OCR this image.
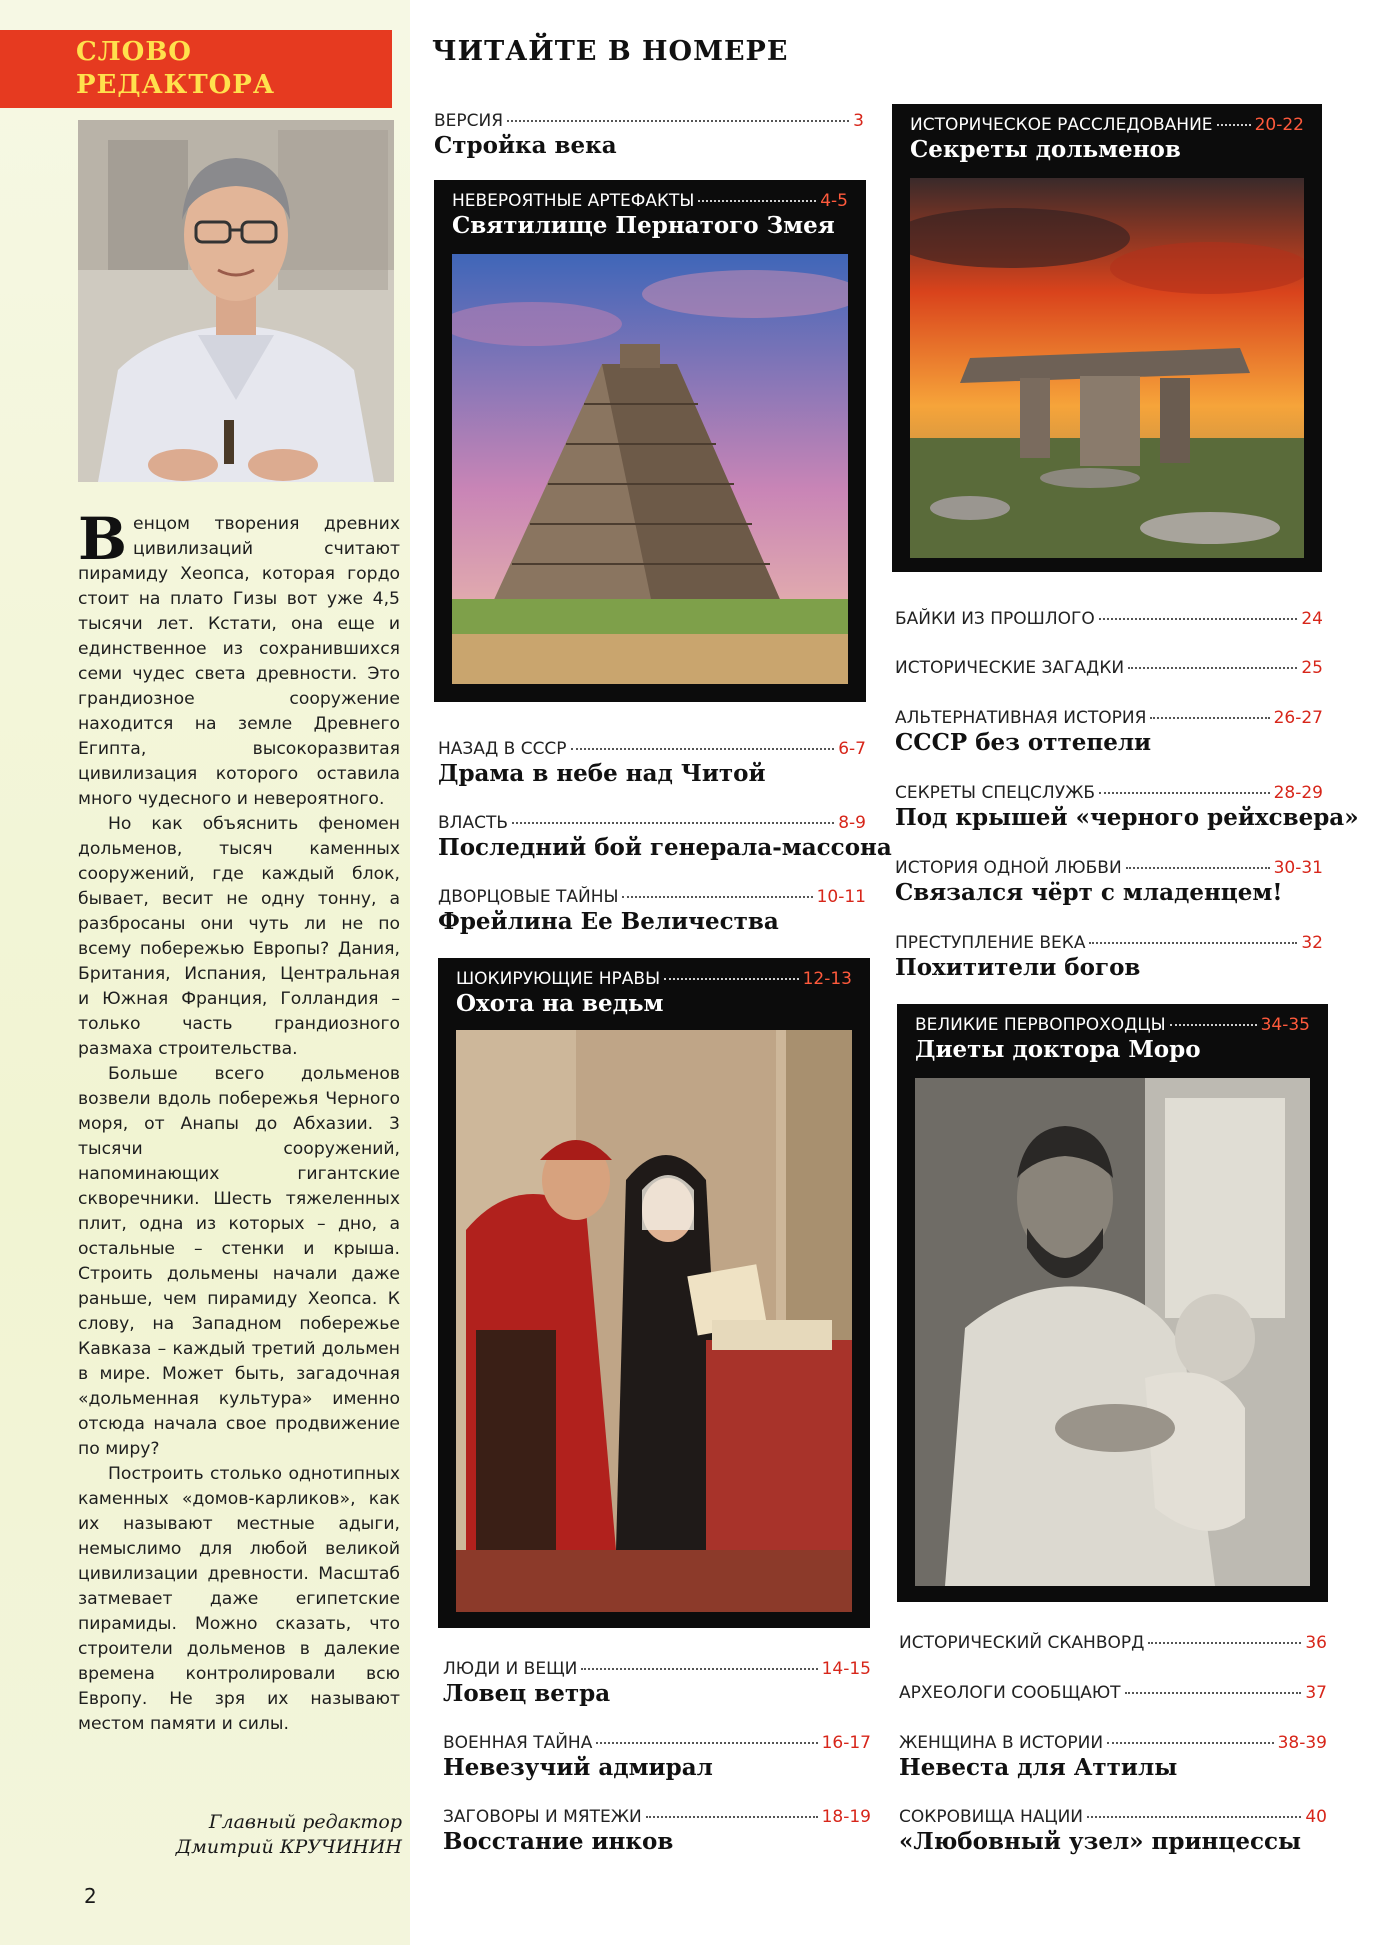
СЛОВО
РЕДАКТОРА

Венцом творения древних цивилизаций считают пирамиду Хеопса, которая гордо стоит на плато Гизы вот уже 4,5 тысячи лет. Кстати, она еще и единственное из сохранившихся семи чудес света древности. Это грандиозное сооружение находится на земле Древнего Египта, высокоразвитая цивилизация которого оставила много чудесного и невероятного.

Но как объяснить феномен дольменов, тысяч каменных сооружений, где каждый блок, бывает, весит не одну тонну, а разбросаны они чуть ли не по всему побережью Европы? Дания, Британия, Испания, Центральная и Южная Франция, Голландия – только часть грандиозного размаха строительства.

Больше всего дольменов возвели вдоль побережья Черного моря, от Анапы до Абхазии. 3 тысячи сооружений, напоминающих гигантские скворечники. Шесть тяжеленных плит, одна из которых – дно, а остальные – стенки и крыша. Строить дольмены начали даже раньше, чем пирамиду Хеопса. К слову, на Западном побережье Кавказа – каждый третий дольмен в мире. Может быть, загадочная «дольменная культура» именно отсюда начала свое продвижение по миру?

Построить столько однотипных каменных «домов-карликов», как их называют местные адыги, немыслимо для любой великой цивилизации древности. Масштаб затмевает даже египетские пирамиды. Можно сказать, что строители дольменов в далекие времена контролировали всю Европу. Не зря их называют местом памяти и силы.

Главный редактор
Дмитрий КРУЧИНИН
2
ЧИТАЙТЕ В НОМЕРЕ
ВЕРСИЯ	3
Стройка века
НЕВЕРОЯТНЫЕ АРТЕФАКТЫ	4-5
Святилище Пернатого Змея
НАЗАД В СССР	6-7
Драма в небе над Читой
ВЛАСТЬ	8-9
Последний бой генерала-массона
ДВОРЦОВЫЕ ТАЙНЫ	10-11
Фрейлина Ее Величества
ШОКИРУЮЩИЕ НРАВЫ	12-13
Охота на ведьм
ЛЮДИ И ВЕЩИ	14-15
Ловец ветра
ВОЕННАЯ ТАЙНА	16-17
Невезучий адмирал
ЗАГОВОРЫ И МЯТЕЖИ	18-19
Восстание инков
ИСТОРИЧЕСКОЕ РАССЛЕДОВАНИЕ 20-22
Секреты дольменов
БАЙКИ ИЗ ПРОШЛОГО	24
ИСТОРИЧЕСКИЕ ЗАГАДКИ	25
АЛЬТЕРНАТИВНАЯ ИСТОРИЯ	26-27
СССР без оттепели
СЕКРЕТЫ СПЕЦСЛУЖБ	28-29
Под крышей «черного рейхсвера»
ИСТОРИЯ ОДНОЙ ЛЮБВИ	30-31
Связался чёрт с младенцем!
ПРЕСТУПЛЕНИЕ ВЕКА	32
Похитители богов
ВЕЛИКИЕ ПЕРВОПРОХОДЦЫ	34-35
Диеты доктора Моро
ИСТОРИЧЕСКИЙ СКАНВОРД	36
АРХЕОЛОГИ СООБЩАЮТ	37
ЖЕНЩИНА В ИСТОРИИ	38-39
Невеста для Аттилы
СОКРОВИЩА НАЦИИ	40
«Любовный узел» принцессы
